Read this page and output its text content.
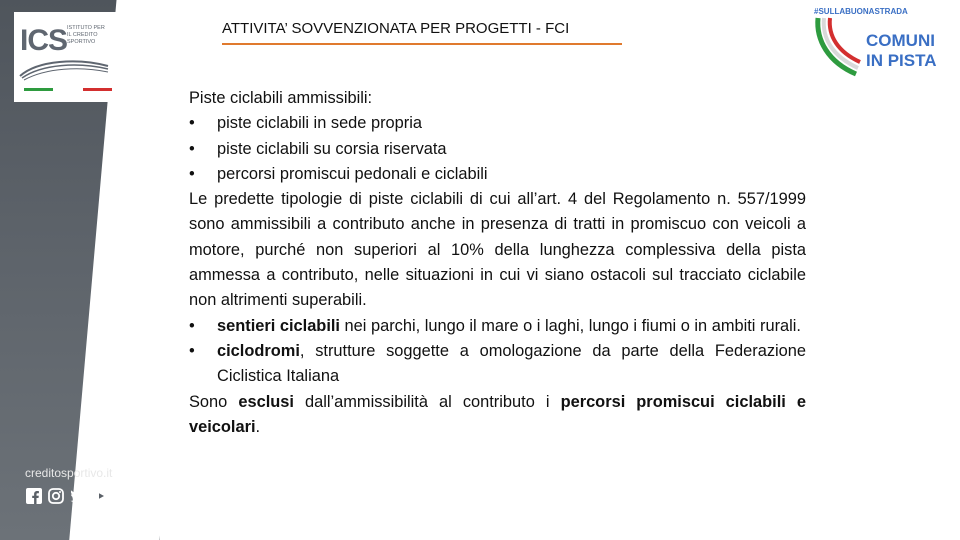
ICS ISTITUTO PER
IL CREDITO
SPORTIVO
creditosportivo.it
ATTIVITA’ SOVVENZIONATA PER PROGETTI - FCI
#SULLABUONASTRADA
COMUNI
IN PISTA

Piste ciclabili ammissibili:

• piste ciclabili in sede propria

• piste ciclabili su corsia riservata

• percorsi promiscui pedonali e ciclabili

Le predette tipologie di piste ciclabili di cui all’art. 4 del Regolamento n. 557/1999 sono ammissibili a contributo anche in presenza di tratti in promiscuo con veicoli a motore, purché non superiori al 10% della lunghezza complessiva della pista ammessa a contributo, nelle situazioni in cui vi siano ostacoli sul tracciato ciclabile non altrimenti superabili.

• sentieri ciclabili nei parchi, lungo il mare o i laghi, lungo i fiumi o in ambiti rurali.

• ciclodromi, strutture soggette a omologazione da parte della Federazione Ciclistica Italiana

Sono esclusi dall’ammissibilità al contributo i percorsi promiscui ciclabili e veicolari.
